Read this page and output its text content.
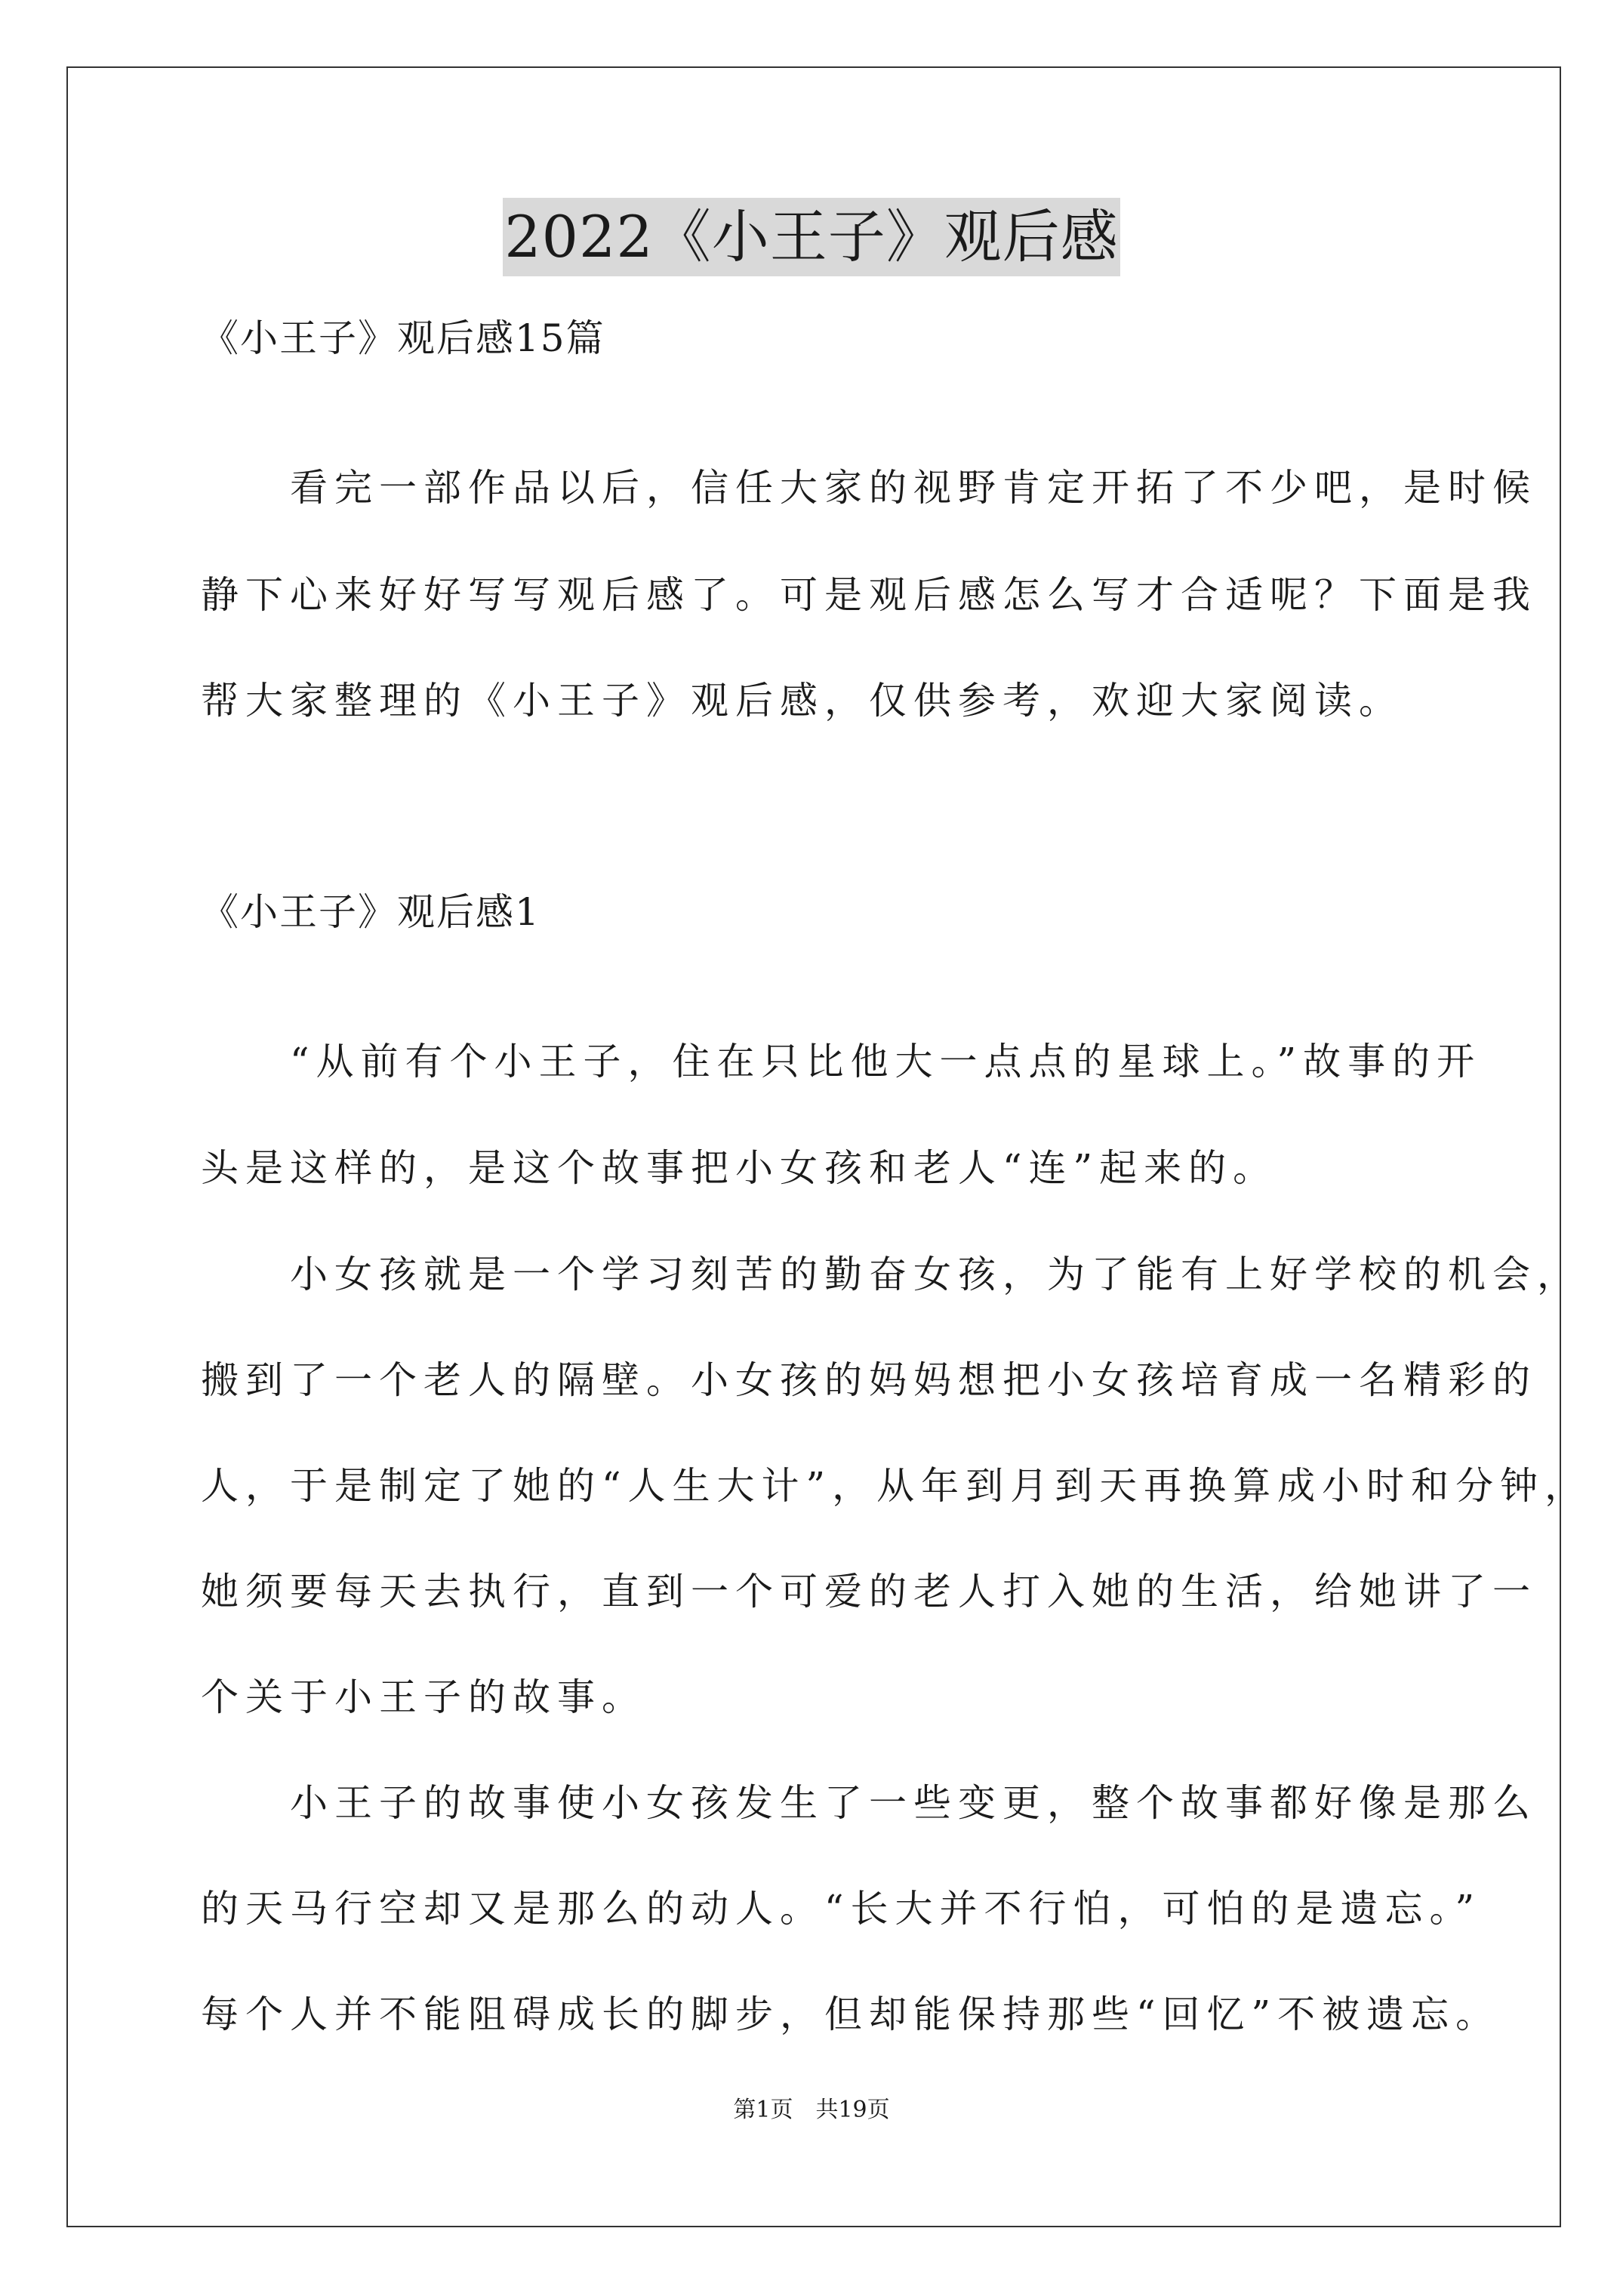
2022《小王子》观后感
《小王子》观后感15篇
　　看完一部作品以后，信任大家的视野肯定开拓了不少吧，是时候
静下心来好好写写观后感了。可是观后感怎么写才合适呢？下面是我
帮大家整理的《小王子》观后感，仅供参考，欢迎大家阅读。
《小王子》观后感1
　　“从前有个小王子，住在只比他大一点点的星球上。”故事的开
头是这样的，是这个故事把小女孩和老人“连”起来的。
　　小女孩就是一个学习刻苦的勤奋女孩，为了能有上好学校的机会，
搬到了一个老人的隔壁。小女孩的妈妈想把小女孩培育成一名精彩的
人，于是制定了她的“人生大计”，从年到月到天再换算成小时和分钟，
她须要每天去执行，直到一个可爱的老人打入她的生活，给她讲了一
个关于小王子的故事。
　　小王子的故事使小女孩发生了一些变更，整个故事都好像是那么
的天马行空却又是那么的动人。“长大并不行怕，可怕的是遗忘。”
每个人并不能阻碍成长的脚步，但却能保持那些“回忆”不被遗忘。
第1页　共19页
